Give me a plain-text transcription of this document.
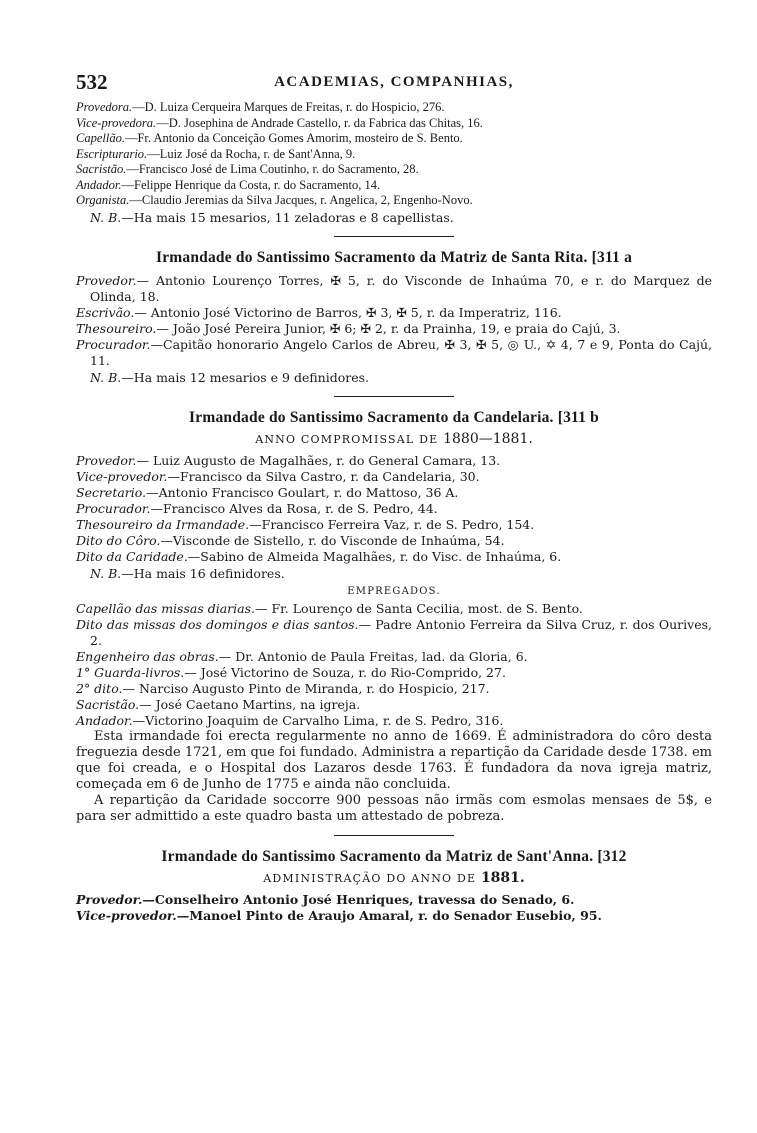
532	ACADEMIAS, COMPANHIAS,

Provedora.—D. Luiza Cerqueira Marques de Freitas, r. do Hospicio, 276.

Vice-provedora.—D. Josephina de Andrade Castello, r. da Fabrica das Chitas, 16.

Capellão.—Fr. Antonio da Conceição Gomes Amorim, mosteiro de S. Bento.

Escripturario.—Luiz José da Rocha, r. de Sant'Anna, 9.

Sacristão.—Francisco José de Lima Coutinho, r. do Sacramento, 28.

Andador.—Felippe Henrique da Costa, r. do Sacramento, 14.

Organista.—Claudio Jeremias da Silva Jacques, r. Angelica, 2, Engenho-Novo.

N. B.—Ha mais 15 mesarios, 11 zeladoras e 8 capellistas.

Irmandade do Santissimo Sacramento da Matriz de Santa Rita. [311 a

Provedor.— Antonio Lourenço Torres, ✠ 5, r. do Visconde de Inhaúma 70, e r. do Marquez de Olinda, 18.

Escrivão.— Antonio José Victorino de Barros, ✠ 3, ✠ 5, r. da Imperatriz, 116.

Thesoureiro.— João José Pereira Junior, ✠ 6; ✠ 2, r. da Prainha, 19, e praia do Cajú, 3.

Procurador.—Capitão honorario Angelo Carlos de Abreu, ✠ 3, ✠ 5, ◎ U., ✡ 4, 7 e 9, Ponta do Cajú, 11.

N. B.—Ha mais 12 mesarios e 9 definidores.

Irmandade do Santissimo Sacramento da Candelaria. [311 b

ANNO COMPROMISSAL DE 1880—1881.

Provedor.— Luiz Augusto de Magalhães, r. do General Camara, 13.

Vice-provedor.—Francisco da Silva Castro, r. da Candelaria, 30.

Secretario.—Antonio Francisco Goulart, r. do Mattoso, 36 A.

Procurador.—Francisco Alves da Rosa, r. de S. Pedro, 44.

Thesoureiro da Irmandade.—Francisco Ferreira Vaz, r. de S. Pedro, 154.

Dito do Côro.—Visconde de Sistello, r. do Visconde de Inhaúma, 54.

Dito da Caridade.—Sabino de Almeida Magalhães, r. do Visc. de Inhaúma, 6.

N. B.—Ha mais 16 definidores.

EMPREGADOS.

Capellão das missas diarias.— Fr. Lourenço de Santa Cecilia, most. de S. Bento.

Dito das missas dos domingos e dias santos.— Padre Antonio Ferreira da Silva Cruz, r. dos Ourives, 2.

Engenheiro das obras.— Dr. Antonio de Paula Freitas, lad. da Gloria, 6.

1° Guarda-livros.— José Victorino de Souza, r. do Rio-Comprido, 27.

2° dito.— Narciso Augusto Pinto de Miranda, r. do Hospicio, 217.

Sacristão.— José Caetano Martins, na igreja.

Andador.—Victorino Joaquim de Carvalho Lima, r. de S. Pedro, 316.

Esta irmandade foi erecta regularmente no anno de 1669. É administradora do côro desta freguezia desde 1721, em que foi fundado. Administra a repartição da Caridade desde 1738. em que foi creada, e o Hospital dos Lazaros desde 1763. É fundadora da nova igreja matriz, começada em 6 de Junho de 1775 e ainda não concluida.

A repartição da Caridade soccorre 900 pessoas não irmãs com esmolas mensaes de 5$, e para ser admittido a este quadro basta um attestado de pobreza.

Irmandade do Santissimo Sacramento da Matriz de Sant'Anna. [312

ADMINISTRAÇÃO DO ANNO DE 1881.

Provedor.—Conselheiro Antonio José Henriques, travessa do Senado, 6.

Vice-provedor.—Manoel Pinto de Araujo Amaral, r. do Senador Eusebio, 95.
